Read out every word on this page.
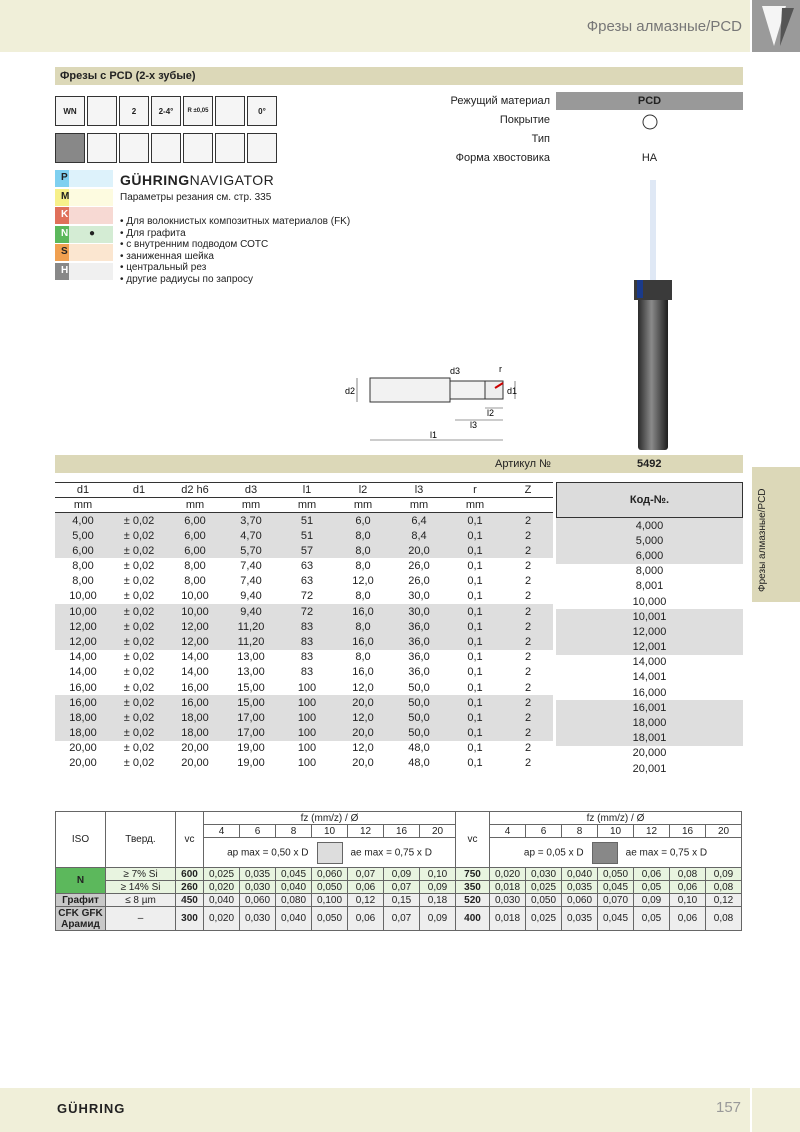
Фрезы алмазные/PCD
Фрезы с PCD (2-х зубые)
WN	2	2-4° R ±0,05	0°
Режущий материал	PCD
Покрытие
Тип
Форма хвостовика	HA
P
M
K
N ●
S
H
GÜHRINGNAVIGATOR
Параметры резания см. стр. 335
• Для волокнистых композитных материалов (FK)
• Для графита
• с внутренним подводом СОТС
• заниженная шейка
• центральный рез
• другие радиусы по запросу
d2
d3	r
d1
l2
l3
l1
Артикул №	5492
Фрезы алмазные/PCD
d1	d1	d2 h6	d3	l1	l2	l3	r	Z
mm		mm	mm	mm	mm	mm	mm	
4,00	± 0,02	6,00	3,70	51	6,0	6,4	0,1	2
5,00	± 0,02	6,00	4,70	51	8,0	8,4	0,1	2
6,00	± 0,02	6,00	5,70	57	8,0	20,0	0,1	2
8,00	± 0,02	8,00	7,40	63	8,0	26,0	0,1	2
8,00	± 0,02	8,00	7,40	63	12,0	26,0	0,1	2
10,00	± 0,02	10,00	9,40	72	8,0	30,0	0,1	2
10,00	± 0,02	10,00	9,40	72	16,0	30,0	0,1	2
12,00	± 0,02	12,00	11,20	83	8,0	36,0	0,1	2
12,00	± 0,02	12,00	11,20	83	16,0	36,0	0,1	2
14,00	± 0,02	14,00	13,00	83	8,0	36,0	0,1	2
14,00	± 0,02	14,00	13,00	83	16,0	36,0	0,1	2
16,00	± 0,02	16,00	15,00	100	12,0	50,0	0,1	2
16,00	± 0,02	16,00	15,00	100	20,0	50,0	0,1	2
18,00	± 0,02	18,00	17,00	100	12,0	50,0	0,1	2
18,00	± 0,02	18,00	17,00	100	20,0	50,0	0,1	2
20,00	± 0,02	20,00	19,00	100	12,0	48,0	0,1	2
20,00	± 0,02	20,00	19,00	100	20,0	48,0	0,1	2
Код-№.
4,000
5,000
6,000
8,000
8,001
10,000
10,001
12,000
12,001
14,000
14,001
16,000
16,001
18,000
18,001
20,000
20,001
ISO	Тверд.	vc	fz (mm/z) / Ø							vc	fz (mm/z) / Ø						
			4	6	8	10	12	16	20		4	6	8	10	12	16	20
			ap max = 0,50 x D ae max = 0,75 x D								ap = 0,05 x D ae max = 0,75 x D						

N	≥ 7% Si	600	0,025	0,035	0,045	0,060	0,07	0,09	0,10	750	0,020	0,030	0,040	0,050	0,06	0,08	0,09
	≥ 14% Si	260	0,020	0,030	0,040	0,050	0,06	0,07	0,09	350	0,018	0,025	0,035	0,045	0,05	0,06	0,08
Графит	≤ 8 µm	450	0,040	0,060	0,080	0,100	0,12	0,15	0,18	520	0,030	0,050	0,060	0,070	0,09	0,10	0,12
CFK GFK Арамид	–	300	0,020	0,030	0,040	0,050	0,06	0,07	0,09	400	0,018	0,025	0,035	0,045	0,05	0,06	0,08
GÜHRING	157
